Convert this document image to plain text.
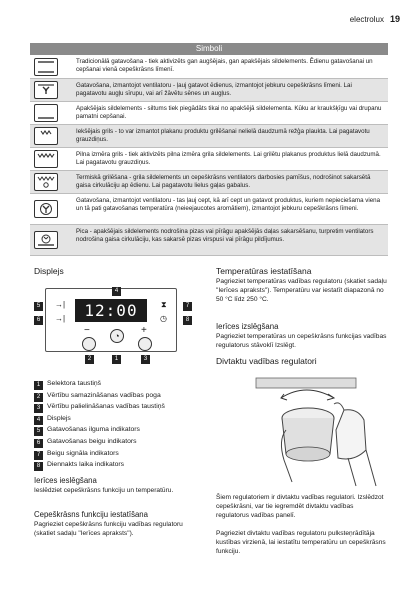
electrolux 19
Simboli

Tradicionālā gatavošana - tiek aktivizēts gan augšējais, gan apakšējais sildelements. Ēdienu gatavošanai un cepšanai vienā cepeškrāsns līmenī.

Gatavošana, izmantojot ventilatoru - ļauj gatavot ēdienus, izmantojot jebkuru cepeškrāsns līmeni. Lai pagatavotu augļu sīrupu, vai arī žāvētu sēnes un augļus.

Apakšējais sildelements - siltums tiek piegādāts tikai no apakšējā sildelementa. Kūku ar kraukšķīgu vai drupanu pamatni cepšanai.

Iekšējais grils - to var izmantot plakanu produktu grilēšanai nelielā daudzumā režģa plaukta. Lai pagatavotu grauzdiņus.

Pilna izmēra grils - tiek aktivizēts pilna izmēra grila sildelements. Lai grilētu plakanus produktus lielā daudzumā. Lai pagatavotu grauzdiņus.

Termiskā grilēšana - grila sildelements un cepeškrāsns ventilators darbosies pamīšus, nodrošinot sakarsētā gaisa cirkulāciju ap ēdienu. Lai pagatavotu lielus gaļas gabalus.

Gatavošana, izmantojot ventilatoru - tas ļauj cept, kā arī cept un gatavot produktus, kuriem nepieciešama viena un tā pati gatavošanas temperatūra (neieejaucotes aromātiem), izmantojot jebkuru cepeškrāsns līmeni.

Pica - apakšējais sildelements nodrošina pizas vai pīrāgu apakšējās daļas sakarsēšanu, turpretim ventilators nodrošina gaisa cirkulāciju, kas sakarsē pizas virspusi vai pīrāgu pildījumus.

Displejs
4
12:00
5	→|
6	→|
⧗	7
◷	8
−	+
◔
2	1	3
1 Selektora taustiņš
2 Vērtību samazināšanas vadības poga
3 Vērtību palielināšanas vadības taustiņš
4 Displejs
5 Gatavošanas ilguma indikators
6 Gatavošanas beigu indikators
7 Beigu signāla indikators
8 Diennakts laika indikators
Ierīces ieslēgšana
Ieslēdziet cepeškrāsns funkciju un temperatūru.
Cepeškrāsns funkciju iestatīšana
Pagrieziet cepeškrāsns funkciju vadības regulatoru (skatiet sadaļu "Ierīces apraksts").
Temperatūras iestatīšana
Pagrieziet temperatūras vadības regulatoru (skatiet sadaļu "Ierīces apraksts"). Temperatūru var iestatīt diapazonā no 50 °C līdz 250 °C.
Ierīces izslēgšana
Pagrieziet temperatūras un cepeškrāsns funkcijas vadības regulatorus stāvoklī Izslēgt.
Divtaktu vadības regulatori
Šiem regulatoriem ir divtaktu vadības regulatori. Izslēdzot cepeškrāsni, var tie iegremdēt divtaktu vadības regulatorus vadības panelī.
Pagrieziet divtaktu vadības regulatoru pulksteņrādītāja kustības virzienā, lai iestatītu temperatūru un cepeškrāsns funkciju.
